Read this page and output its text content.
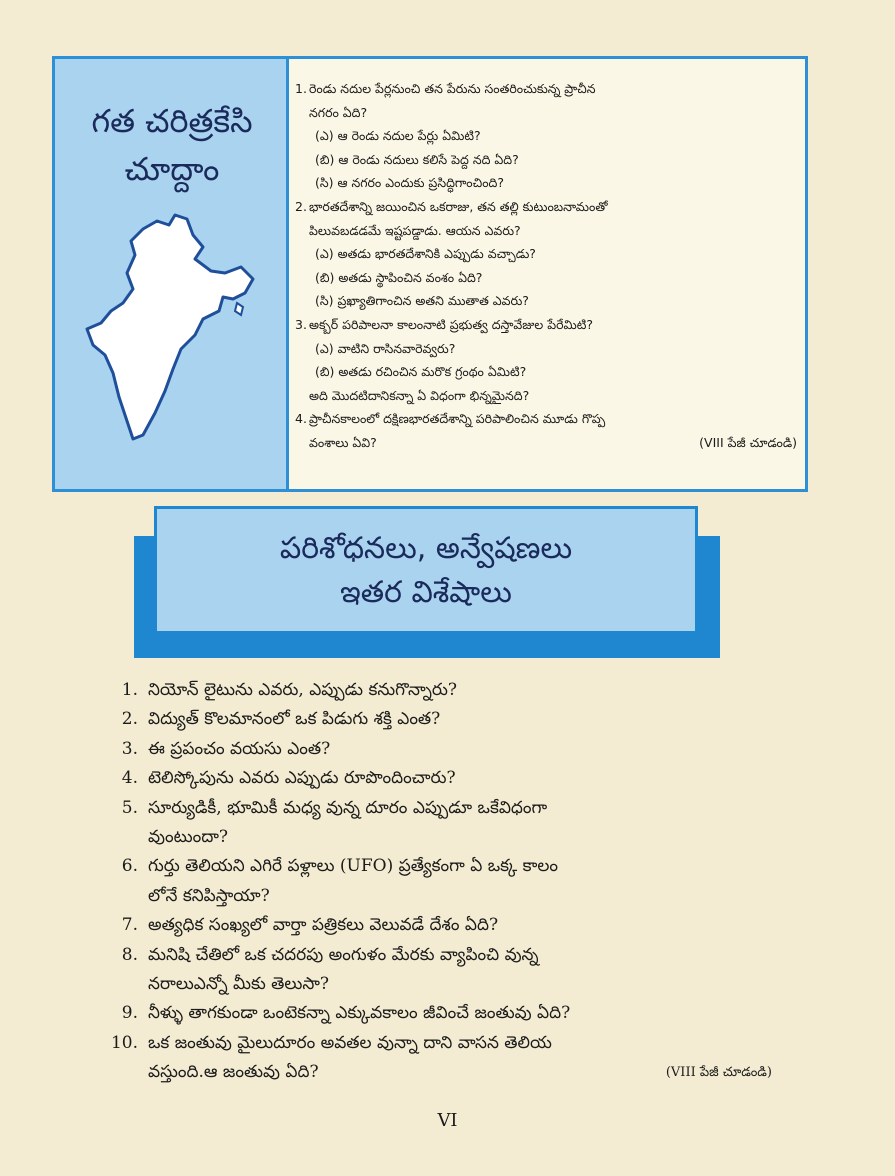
గత చరిత్రకేసి
చూద్దాం
1. రెండు నదుల పేర్లనుంచి తన పేరును సంతరించుకున్న ప్రాచీన
నగరం ఏది?
(ఎ) ఆ రెండు నదుల పేర్లు ఏమిటి?
(బి) ఆ రెండు నదులు కలిసే పెద్ద నది ఏది?
(సి) ఆ నగరం ఎందుకు ప్రసిద్ధిగాంచింది?
2. భారతదేశాన్ని జయించిన ఒకరాజు, తన తల్లి కుటుంబనామంతో
పిలువబడడమే ఇష్టపడ్డాడు. ఆయన ఎవరు?
(ఎ) అతడు భారతదేశానికి ఎప్పుడు వచ్చాడు?
(బి) అతడు స్థాపించిన వంశం ఏది?
(సి) ప్రఖ్యాతిగాంచిన అతని ముతాత ఎవరు?
3. అక్బర్ పరిపాలనా కాలంనాటి ప్రభుత్వ దస్తావేజుల పేరేమిటి?
(ఎ) వాటిని రాసినవారెవ్వరు?
(బి) అతడు రచించిన మరొక గ్రంథం ఏమిటి?
అది మొదటిదానికన్నా ఏ విధంగా భిన్నమైనది?
4. ప్రాచీనకాలంలో దక్షిణభారతదేశాన్ని పరిపాలించిన మూడు గొప్ప
వంశాలు ఏవి?	(VIII పేజీ చూడండి)
పరిశోధనలు, అన్వేషణలు
ఇతర విశేషాలు
1. నియోన్ లైటును ఎవరు, ఎప్పుడు కనుగొన్నారు?
2. విద్యుత్ కొలమానంలో ఒక పిడుగు శక్తి ఎంత?
3. ఈ ప్రపంచం వయసు ఎంత?
4. టెలిస్కోపును ఎవరు ఎప్పుడు రూపొందించారు?
5. సూర్యుడికీ, భూమికీ మధ్య వున్న దూరం ఎప్పుడూ ఒకేవిధంగా
వుంటుందా?
6. గుర్తు తెలియని ఎగిరే పళ్లాలు (UFO) ప్రత్యేకంగా ఏ ఒక్క కాలం
లోనే కనిపిస్తాయా?
7. అత్యధిక సంఖ్యలో వార్తా పత్రికలు వెలువడే దేశం ఏది?
8. మనిషి చేతిలో ఒక చదరపు అంగుళం మేరకు వ్యాపించి వున్న
నరాలుఎన్నో మీకు తెలుసా?
9. నీళ్ళు తాగకుండా ఒంటెకన్నా ఎక్కువకాలం జీవించే జంతువు ఏది?
10. ఒక జంతువు మైలుదూరం అవతల వున్నా దాని వాసన తెలియ
వస్తుంది.ఆ జంతువు ఏది?	(VIII పేజీ చూడండి)
VI
